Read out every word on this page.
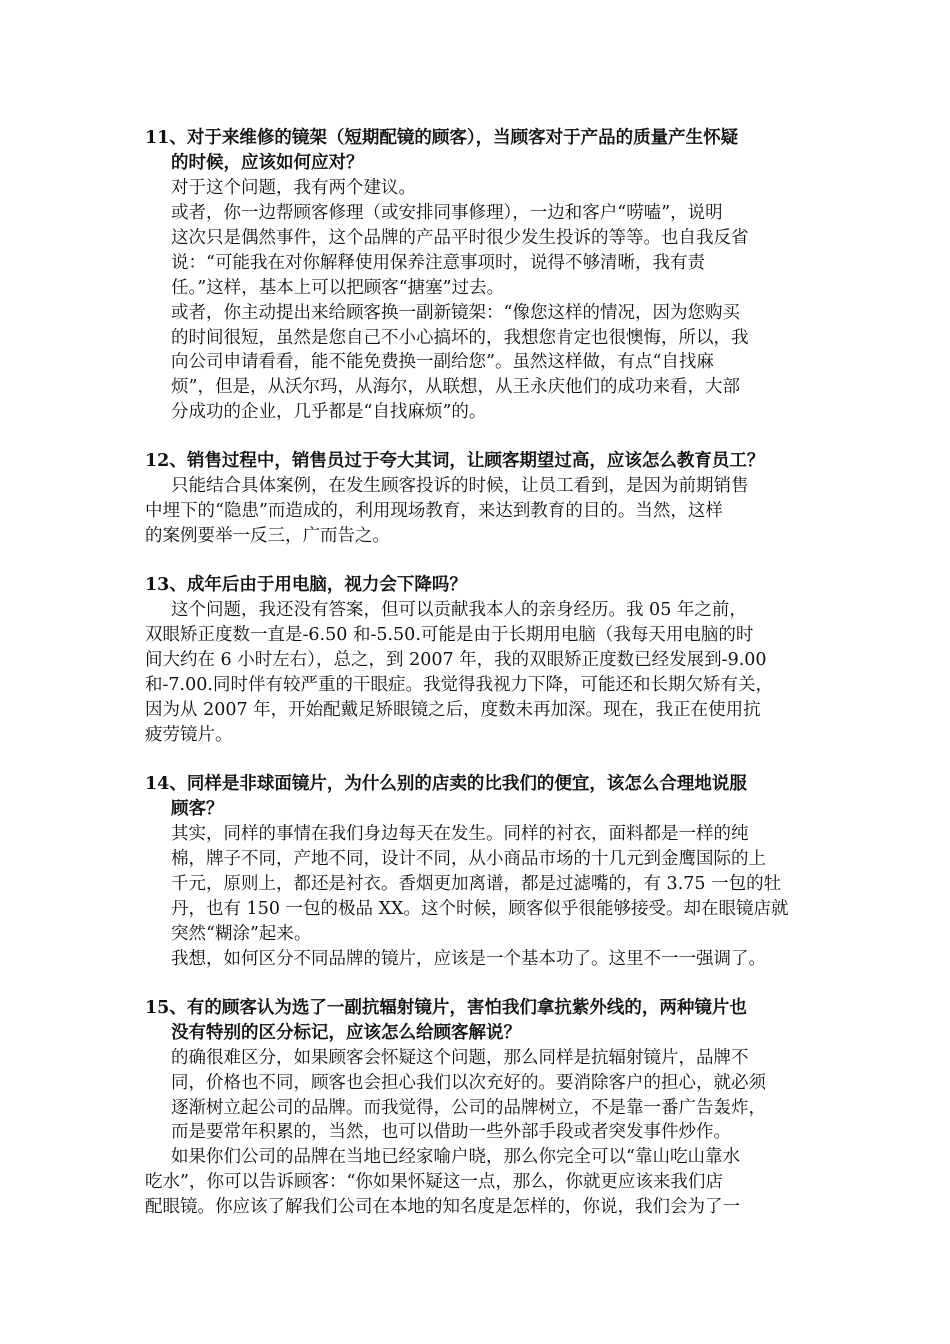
11、对于来维修的镜架（短期配镜的顾客），当顾客对于产品的质量产生怀疑
的时候，应该如何应对？
对于这个问题，我有两个建议。
或者，你一边帮顾客修理（或安排同事修理），一边和客户“唠嗑”，说明
这次只是偶然事件，这个品牌的产品平时很少发生投诉的等等。也自我反省
说：“可能我在对你解释使用保养注意事项时，说得不够清晰，我有责
任。”这样，基本上可以把顾客“搪塞”过去。
或者，你主动提出来给顾客换一副新镜架：“像您这样的情况，因为您购买
的时间很短，虽然是您自己不小心搞坏的，我想您肯定也很懊悔，所以，我
向公司申请看看，能不能免费换一副给您”。虽然这样做，有点“自找麻
烦”，但是，从沃尔玛，从海尔，从联想，从王永庆他们的成功来看，大部
分成功的企业，几乎都是“自找麻烦”的。
12、销售过程中，销售员过于夸大其词，让顾客期望过高，应该怎么教育员工？
只能结合具体案例，在发生顾客投诉的时候，让员工看到，是因为前期销售
中埋下的“隐患”而造成的，利用现场教育，来达到教育的目的。当然，这样
的案例要举一反三，广而告之。
13、成年后由于用电脑，视力会下降吗？
这个问题，我还没有答案，但可以贡献我本人的亲身经历。我 05 年之前，
双眼矫正度数一直是-6.50 和-5.50.可能是由于长期用电脑（我每天用电脑的时
间大约在 6 小时左右），总之，到 2007 年，我的双眼矫正度数已经发展到-9.00
和-7.00.同时伴有较严重的干眼症。我觉得我视力下降，可能还和长期欠矫有关，
因为从 2007 年，开始配戴足矫眼镜之后，度数未再加深。现在，我正在使用抗
疲劳镜片。
14、同样是非球面镜片，为什么别的店卖的比我们的便宜，该怎么合理地说服
顾客？
其实，同样的事情在我们身边每天在发生。同样的衬衣，面料都是一样的纯
棉，牌子不同，产地不同，设计不同，从小商品市场的十几元到金鹰国际的上
千元，原则上，都还是衬衣。香烟更加离谱，都是过滤嘴的，有 3.75 一包的牡
丹，也有 150 一包的极品 XX。这个时候，顾客似乎很能够接受。却在眼镜店就
突然“糊涂”起来。
我想，如何区分不同品牌的镜片，应该是一个基本功了。这里不一一强调了。
15、有的顾客认为选了一副抗辐射镜片，害怕我们拿抗紫外线的，两种镜片也
没有特别的区分标记，应该怎么给顾客解说？
的确很难区分，如果顾客会怀疑这个问题，那么同样是抗辐射镜片，品牌不
同，价格也不同，顾客也会担心我们以次充好的。要消除客户的担心，就必须
逐渐树立起公司的品牌。而我觉得，公司的品牌树立，不是靠一番广告轰炸，
而是要常年积累的，当然，也可以借助一些外部手段或者突发事件炒作。
如果你们公司的品牌在当地已经家喻户晓，那么你完全可以“靠山吃山靠水
吃水”，你可以告诉顾客：“你如果怀疑这一点，那么，你就更应该来我们店
配眼镜。你应该了解我们公司在本地的知名度是怎样的，你说，我们会为了一
